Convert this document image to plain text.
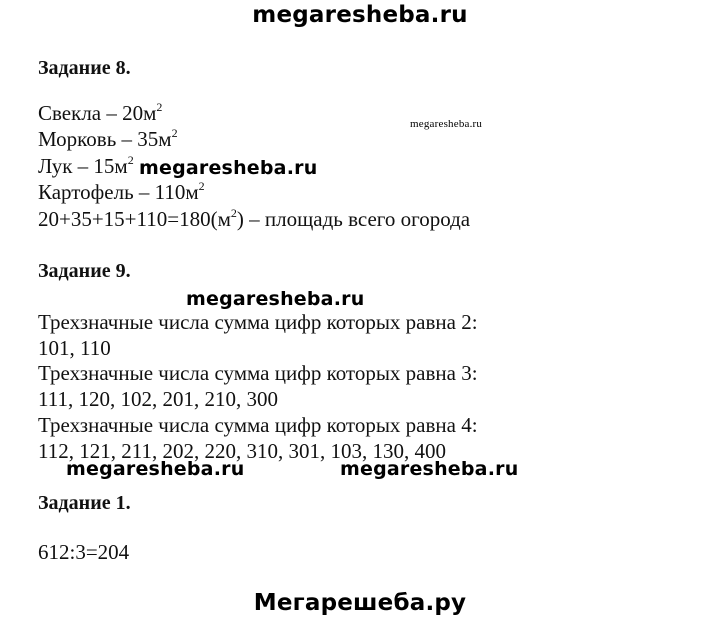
megaresheba.ru
megaresheba.ru
Задание 8.
Свекла – $20м^2$
Морковь – $35м^2$
Лук – $15м^2$ megaresheba.ru
Картофель – $110м^2$
$20+35+15+110=180(м^2)$ – площадь всего огорода
Задание 9.
megaresheba.ru
Трехзначные числа сумма цифр которых равна 2:
101, 110
Трехзначные числа сумма цифр которых равна 3:
111, 120, 102, 201, 210, 300
Трехзначные числа сумма цифр которых равна 4:
112, 121, 211, 202, 220, 310, 301, 103, 130, 400
megaresheba.ru	megaresheba.ru
Задание 1.
612:3=204
Мегарешеба.ру
